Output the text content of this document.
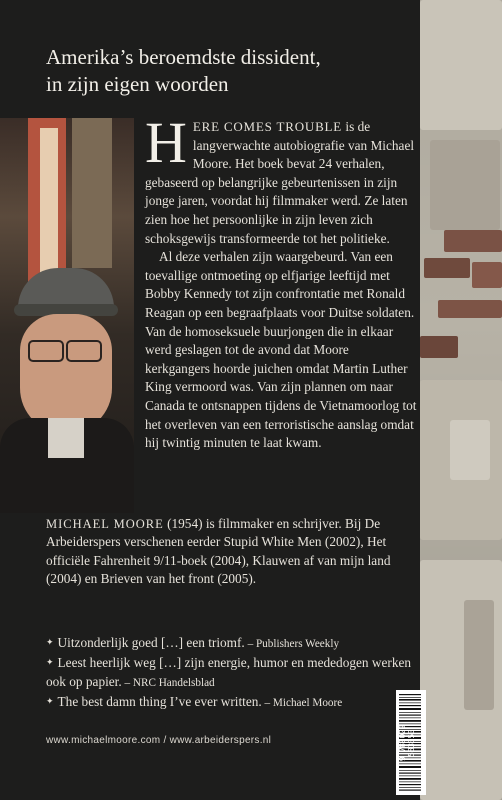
Amerika’s beroemdste dissident,
in zijn eigen woorden
H ERE COMES TROUBLE is de langverwachte autobiografie van Michael Moore. Het boek bevat 24 verhalen, gebaseerd op belangrijke gebeurtenissen in zijn jonge jaren, voordat hij filmmaker werd. Ze laten zien hoe het persoonlijke in zijn leven zich schoksgewijs transformeerde tot het politieke.
Al deze verhalen zijn waargebeurd. Van een toevallige ontmoeting op elfjarige leeftijd met Bobby Kennedy tot zijn confrontatie met Ronald Reagan op een begraafplaats voor Duitse soldaten. Van de homoseksuele buurjongen die in elkaar werd geslagen tot de avond dat Moore kerkgangers hoorde juichen omdat Martin Luther King vermoord was. Van zijn plannen om naar Canada te ontsnappen tijdens de Vietnamoorlog tot het overleven van een terroristische aanslag omdat hij twintig minuten te laat kwam.
MICHAEL MOORE (1954) is filmmaker en schrijver. Bij De Arbeiderspers verschenen eerder Stupid White Men (2002), Het officiële Fahrenheit 9/11-boek (2004), Klauwen af van mijn land (2004) en Brieven van het front (2005).
✦ Uitzonderlijk goed […] een triomf. – Publishers Weekly
✦ Leest heerlijk weg […] zijn energie, humor en mededogen werken ook op papier. – NRC Handelsblad
✦ The best damn thing I’ve ever written. – Michael Moore
www.michaelmoore.com / www.arbeiderspers.nl	9 789029 583350
